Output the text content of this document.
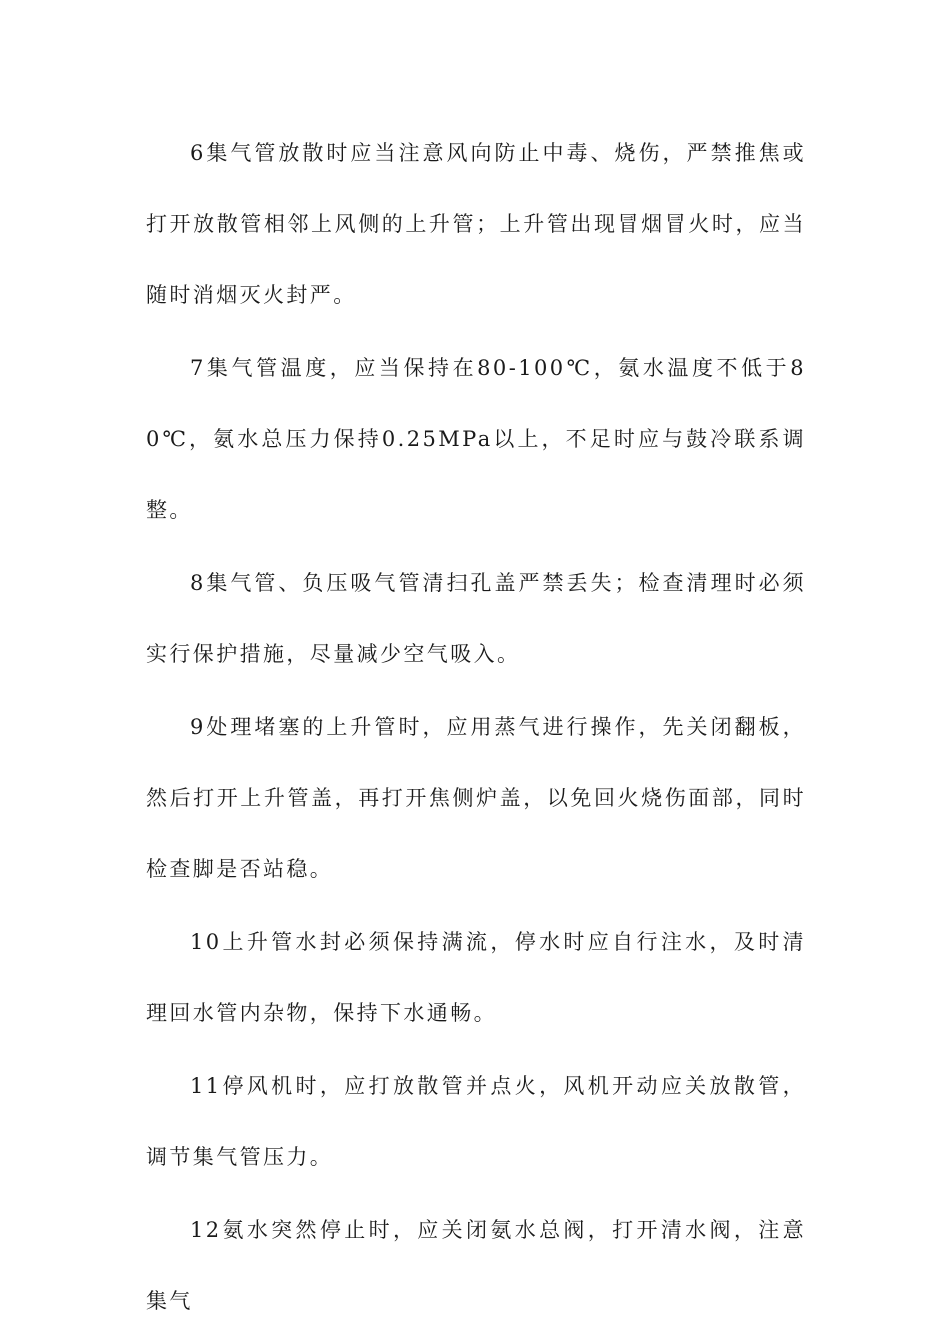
6集气管放散时应当注意风向防止中毒、烧伤，严禁推焦或打开放散管相邻上风侧的上升管；上升管出现冒烟冒火时，应当随时消烟灭火封严。

7集气管温度，应当保持在80-100℃，氨水温度不低于80℃，氨水总压力保持0.25MPa以上，不足时应与鼓冷联系调整。

8集气管、负压吸气管清扫孔盖严禁丢失；检查清理时必须实行保护措施，尽量减少空气吸入。

9处理堵塞的上升管时，应用蒸气进行操作，先关闭翻板，然后打开上升管盖，再打开焦侧炉盖，以免回火烧伤面部，同时检查脚是否站稳。

10上升管水封必须保持满流，停水时应自行注水，及时清理回水管内杂物，保持下水通畅。

11停风机时，应打放散管并点火，风机开动应关放散管，调节集气管压力。

12氨水突然停止时，应关闭氨水总阀，打开清水阀，注意集气
